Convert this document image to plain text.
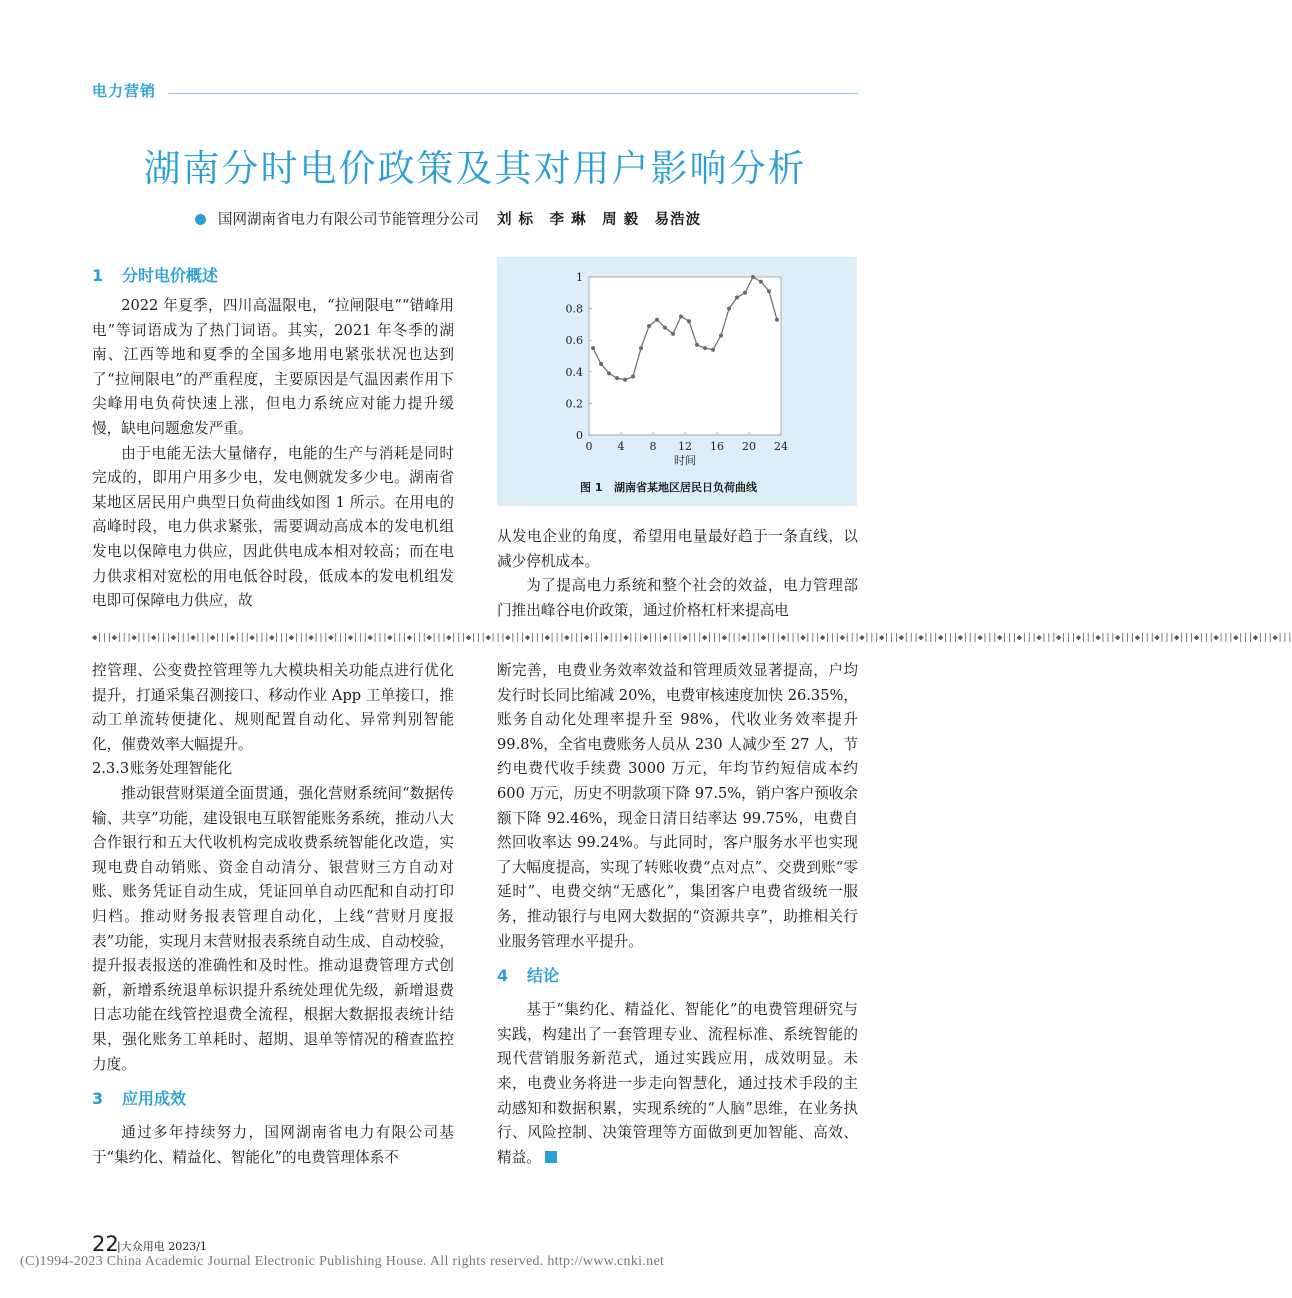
电力营销
湖南分时电价政策及其对用户影响分析
国网湖南省电力有限公司节能管理分公司 刘 标　李 琳　周 毅　易浩波
1 分时电价概述

2022 年夏季，四川高温限电，“拉闸限电”“错峰用电”等词语成为了热门词语。其实，2021 年冬季的湖南、江西等地和夏季的全国多地用电紧张状况也达到了“拉闸限电”的严重程度，主要原因是气温因素作用下尖峰用电负荷快速上涨，但电力系统应对能力提升缓慢，缺电问题愈发严重。

由于电能无法大量储存，电能的生产与消耗是同时完成的，即用户用多少电，发电侧就发多少电。湖南省某地区居民用户典型日负荷曲线如图 1 所示。在用电的高峰时段，电力供求紧张，需要调动高成本的发电机组发电以保障电力供应，因此供电成本相对较高；而在电力供求相对宽松的用电低谷时段，低成本的发电机组发电即可保障电力供应，故

0
0.2
0.4
0.6
0.8
1
0 4 8 12 16 20 24
时间
图 1 湖南省某地区居民日负荷曲线

从发电企业的角度，希望用电量最好趋于一条直线，以减少停机成本。

为了提高电力系统和整个社会的效益，电力管理部门推出峰谷电价政策，通过价格杠杆来提高电

◆|||◆|||◆|||◆|||◆|||◆|||◆|||◆|||◆|||◆|||◆|||◆|||◆|||◆|||◆|||◆|||◆|||◆|||◆|||◆|||◆|||◆|||◆|||◆|||◆|||◆|||◆|||◆|||◆|||◆|||◆|||◆|||◆|||◆|||◆|||◆|||◆|||◆|||◆|||◆|||◆|||◆|||◆|||◆|||◆|||◆|||◆|||◆|||◆|||◆|||◆|||◆|||◆|||◆|||◆|||◆|||◆|||◆|||◆|||◆|||◆|||

控管理、公变费控管理等九大模块相关功能点进行优化提升，打通采集召测接口、移动作业 App 工单接口，推动工单流转便捷化、规则配置自动化、异常判别智能化，催费效率大幅提升。

2.3.3账务处理智能化

推动银营财渠道全面贯通，强化营财系统间“数据传输、共享”功能，建设银电互联智能账务系统，推动八大合作银行和五大代收机构完成收费系统智能化改造，实现电费自动销账、资金自动清分、银营财三方自动对账、账务凭证自动生成，凭证回单自动匹配和自动打印归档。推动财务报表管理自动化，上线“营财月度报表”功能，实现月末营财报表系统自动生成、自动校验，提升报表报送的准确性和及时性。推动退费管理方式创新，新增系统退单标识提升系统处理优先级，新增退费日志功能在线管控退费全流程，根据大数据报表统计结果，强化账务工单耗时、超期、退单等情况的稽查监控力度。

3 应用成效

通过多年持续努力，国网湖南省电力有限公司基于“集约化、精益化、智能化”的电费管理体系不

断完善，电费业务效率效益和管理质效显著提高，户均发行时长同比缩减 20%，电费审核速度加快 26.35%，账务自动化处理率提升至 98%，代收业务效率提升 99.8%，全省电费账务人员从 230 人减少至 27 人，节约电费代收手续费 3000 万元，年均节约短信成本约 600 万元，历史不明款项下降 97.5%，销户客户预收余额下降 92.46%，现金日清日结率达 99.75%，电费自然回收率达 99.24%。与此同时，客户服务水平也实现了大幅度提高，实现了转账收费“点对点”、交费到账“零延时”、电费交纳“无感化”，集团客户电费省级统一服务，推动银行与电网大数据的“资源共享”，助推相关行业服务管理水平提升。

4 结论

基于“集约化、精益化、智能化”的电费管理研究与实践，构建出了一套管理专业、流程标准、系统智能的现代营销服务新范式，通过实践应用，成效明显。未来，电费业务将进一步走向智慧化，通过技术手段的主动感知和数据积累，实现系统的“人脑”思维，在业务执行、风险控制、决策管理等方面做到更加智能、高效、精益。

22
|大众用电 2023/1
(C)1994-2023 China Academic Journal Electronic Publishing House. All rights reserved. http://www.cnki.net
